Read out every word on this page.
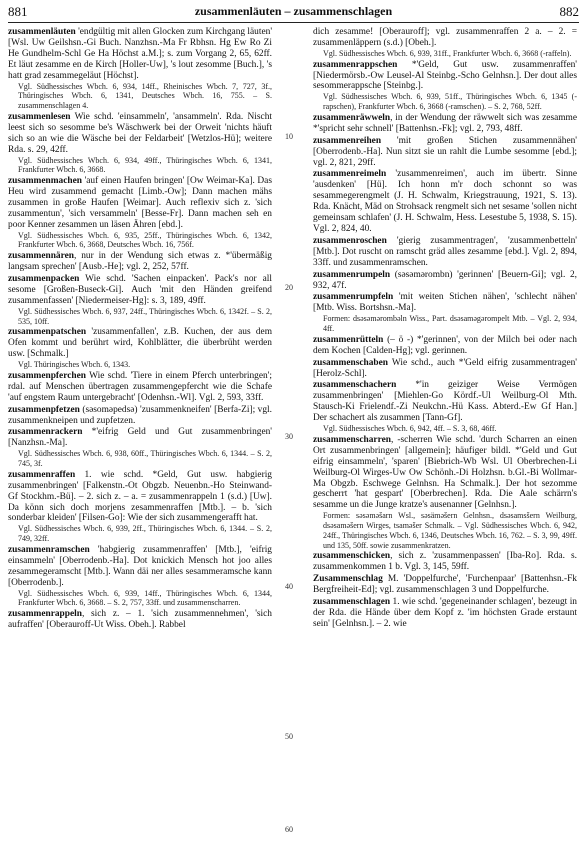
881	zusammenläuten – zusammenschlagen	882
zusammenläuten 'endgültig mit allen Glocken zum Kirchgang läuten' [Wsl. Uw Geilshsn.-Gi Buch. Nanzhsn.-Ma Fr Rbhsn. Hg Ew Ro Zi He Gundhelm-Schl Ge Ha Höchst a.M.]; s. zum Vorgang 2, 65, 62ff. Et läut zesamme en de Kirch [Holler-Uw], 's lout zesomme [Buch.], 's hatt grad zesammegeläut [Höchst].
Vgl. Südhessisches Wbch. 6, 934, 14ff., Rheinisches Wbch. 7, 727, 3f., Thüringisches Wbch. 6, 1341, Deutsches Wbch. 16, 755. – S. zusammenschlagen 4.
zusammenlesen Wie schd. 'einsammeln', 'ansammeln'. Rda. Nischt leest sich so sesomme be's Wäschwerk bei der Orweit 'nichts häuft sich so an wie die Wäsche bei der Feldarbeit' [Wetzlos-Hü]; weitere Rda. s. 29, 42ff.
Vgl. Südhessisches Wbch. 6, 934, 49ff., Thüringisches Wbch. 6, 1341, Frankfurter Wbch. 6, 3668.
zusammenmachen 'auf einen Haufen bringen' [Ow Weimar-Ka]. Das Heu wird zusammend gemacht [Limb.-Ow]; Dann machen mähs zusammen in große Haufen [Weimar]. Auch reflexiv sich z. 'sich zusammentun', 'sich versammeln' [Besse-Fr]. Dann machen seh en poor Kenner zesammen un läsen Ähren [ebd.].
Vgl. Südhessisches Wbch. 6, 935, 25ff., Thüringisches Wbch. 6, 1342, Frankfurter Wbch. 6, 3668, Deutsches Wbch. 16, 756f.
zusammennären, nur in der Wendung sich etwas z. *'übermäßig langsam sprechen' [Ausb.-He]; vgl. 2, 252, 57ff.
zusammenpacken Wie schd. 'Sachen einpacken'. Pack's nor all sesome [Großen-Buseck-Gi]. Auch 'mit den Händen greifend zusammenfassen' [Niedermeiser-Hg]: s. 3, 189, 49ff.
Vgl. Südhessisches Wbch. 6, 937, 24ff., Thüringisches Wbch. 6, 1342f. – S. 2, 535, 10ff.
zusammenpatschen 'zusammenfallen', z.B. Kuchen, der aus dem Ofen kommt und berührt wird, Kohlblätter, die überbrüht werden usw. [Schmalk.]
Vgl. Thüringisches Wbch. 6, 1343.
zusammenpferchen Wie schd. 'Tiere in einem Pferch unterbringen'; rdal. auf Menschen übertragen zusammengepfercht wie die Schafe 'auf engstem Raum untergebracht' [Odenhsn.-Wl]. Vgl. 2, 593, 33ff.
zusammenpfetzen (səsoməpedsə) 'zusammenkneifen' [Berfa-Zi]; vgl. zusammenkneipen und zupfetzen.
zusammenrackern *'eifrig Geld und Gut zusammenbringen' [Nanzhsn.-Ma].
Vgl. Südhessisches Wbch. 6, 938, 60ff., Thüringisches Wbch. 6, 1344. – S. 2, 745, 3f.
zusammenraffen 1. wie schd. *Geld, Gut usw. habgierig zusammenbringen' [Falkenstn.-Ot Obgzb. Neuenbn.-Ho Steinwand-Gf Stockhm.-Bü]. – 2. sich z. – a. = zusammenrappeln 1 (s.d.) [Uw]. Da könn sich doch morjens zesammenraffen [Mtb.]. – b. 'sich sonderbar kleiden' [Filsen-Go]: Wie der sich zusammengerafft hat.
Vgl. Südhessisches Wbch. 6, 939, 2ff., Thüringisches Wbch. 6, 1344. – S. 2, 749, 32ff.
zusammenramschen 'habgierig zusammenraffen' [Mtb.], 'eifrig einsammeln' [Oberrodenb.-Ha]. Dot knickich Mensch hot joo alles zesammegeramscht [Mtb.]. Wann däi ner alles sesammeramsche kann [Oberrodenb.].
Vgl. Südhessisches Wbch. 6, 939, 14ff., Thüringisches Wbch. 6, 1344, Frankfurter Wbch. 6, 3668. – S. 2, 757, 33ff. und zusammenscharren.
zusammenrappeln, sich z. – 1. 'sich zusammennehmen', 'sich aufraffen' [Oberauroff-Ut Wiss. Obeh.]. Rabbel
10
20
30
40
50
60
dich zesamme! [Oberauroff]; vgl. zusammenraffen 2 a. – 2. = zusammenläppern (s.d.) [Obeh.].
Vgl. Südhessisches Wbch. 6, 939, 31ff., Frankfurter Wbch. 6, 3668 (-raffeln).
zusammenrappschen *'Geld, Gut usw. zusammenraffen' [Niedermörsb.-Ow Leusel-Al Steinbg.-Scho Gelnhsn.]. Der dout alles sesommerappsche [Steinbg.].
Vgl. Südhessisches Wbch. 6, 939, 51ff., Thüringisches Wbch. 6, 1345 (-rapschen), Frankfurter Wbch. 6, 3668 (-ramschen). – S. 2, 768, 52ff.
zusammenräwweln, in der Wendung der räwwelt sich was zesamme *'spricht sehr schnell' [Battenhsn.-Fk]; vgl. 2, 793, 48ff.
zusammenreihen 'mit großen Stichen zusammennähen' [Oberrodenb.-Ha]. Nun sitzt sie un rahlt die Lumbe sesomme [ebd.]; vgl. 2, 821, 29ff.
zusammenreimeln 'zusammenreimen', auch im übertr. Sinne 'ausdenken' [Hü]. Ich honn m'r doch schonnt so was sesammegerengmelt (J. H. Schwalm, Kriegstrauung, 1921, S. 13). Rda. Knächt, Mäd on Strohsack rengmelt sich net sesame 'sollen nicht gemeinsam schlafen' (J. H. Schwalm, Hess. Lesestube 5, 1938, S. 15). Vgl. 2, 824, 40.
zusammenroschen 'gierig zusammentragen', 'zusammenbetteln' [Mtb.]. Dot ruscht on ramscht gräd alles zesamme [ebd.]. Vgl. 2, 894, 33ff. und zusammenramschen.
zusammenrumpeln (səsəmərombn) 'gerinnen' [Beuern-Gi]; vgl. 2, 932, 47f.
zusammenrumpfeln 'mit weiten Stichen nähen', 'schlecht nähen' [Mtb. Wiss. Bortshsn.-Ma].
Formen: dsəsəmərombəln Wiss., Part. dsəsaməgərompelt Mtb. – Vgl. 2, 934, 4ff.
zusammenrütteln (– ö -) *'gerinnen', von der Milch bei oder nach dem Kochen [Calden-Hg]; vgl. gerinnen.
zusammenschaben Wie schd., auch *'Geld eifrig zusammentragen' [Herolz-Schl].
zusammenschachern *'in geiziger Weise Vermögen zusammenbringen' [Miehlen-Go Kördf.-Ul Weilburg-Ol Mth. Stausch-Ki Frielendf.-Zi Neukchn.-Hü Kass. Abterd.-Ew Gf Han.] Der schachert als zusammen [Tann-Gf].
Vgl. Südhessisches Wbch. 6, 942, 4ff. – S. 3, 68, 46ff.
zusammenscharren, -scherren Wie schd. 'durch Scharren an einen Ort zusammenbringen' [allgemein]; häufiger bildl. *'Geld und Gut eifrig einsammeln', 'sparen' [Biebrich-Wb Wsl. Ul Oberbrechen-Li Weilburg-Ol Wirges-Uw Ow Schönh.-Di Holzhsn. b.Gl.-Bi Wollmar-Ma Obgzb. Eschwege Gelnhsn. Ha Schmalk.]. Der hot sezomme gescherrt 'hat gespart' [Oberbrechen]. Rda. Die Aale schärrn's sesamme un die Junge kratze's ausenanner [Gelnhsn.].
Formen: səsəməšarn Wsl., səsäməšern Gelnhsn., dsəsamsšern Weilburg, dsəsaməšern Wirges, tsaməšer Schmalk. – Vgl. Südhessisches Wbch. 6, 942, 24ff., Thüringisches Wbch. 6, 1346, Deutsches Wbch. 16, 762. – S. 3, 99, 49ff. und 135, 50ff. sowie zusammenkratzen.
zusammenschicken, sich z. 'zusammenpassen' [Iba-Ro]. Rda. s. zusammenkommen 1 b. Vgl. 3, 145, 59ff.
Zusammenschlag M. 'Doppelfurche', 'Furchenpaar' [Battenhsn.-Fk Bergfreiheit-Ed]; vgl. zusammenschlagen 3 und Doppelfurche.
zusammenschlagen 1. wie schd. 'gegeneinander schlagen', bezeugt in der Rda. die Hände über dem Kopf z. 'im höchsten Grade erstaunt sein' [Gelnhsn.]. – 2. wie
